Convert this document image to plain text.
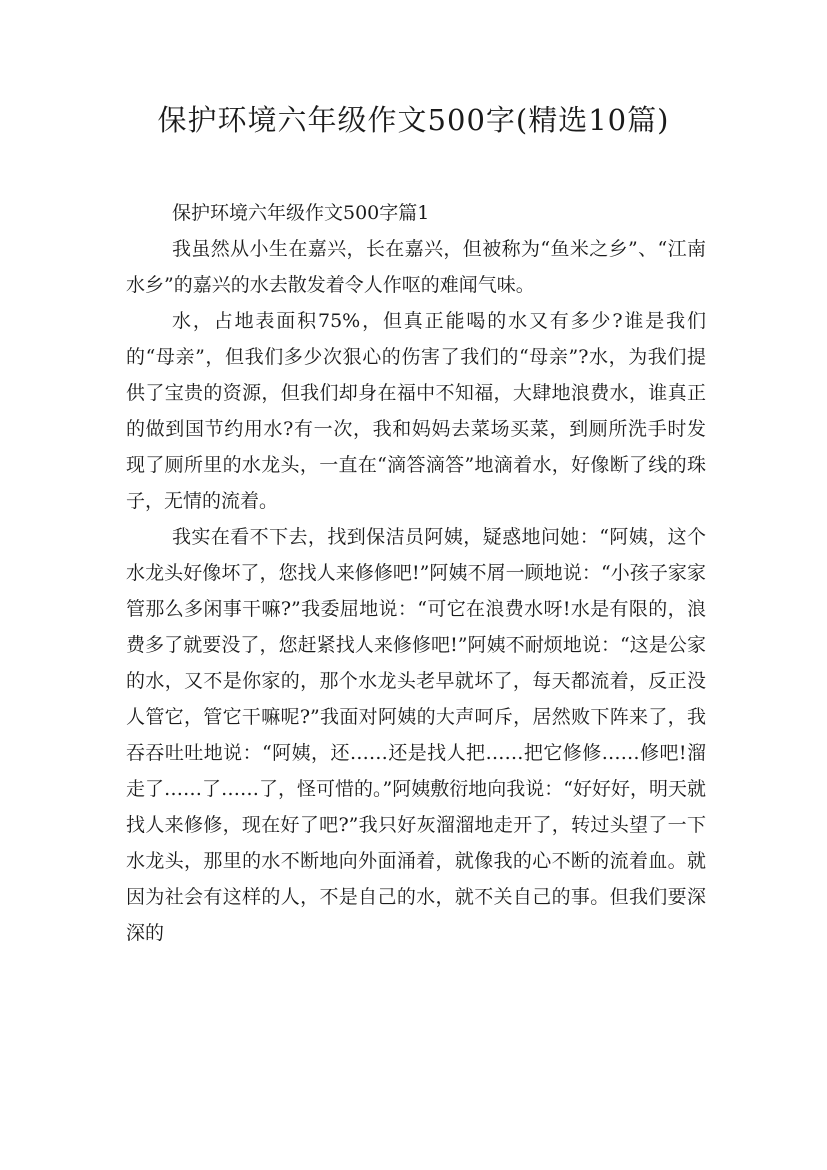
保护环境六年级作文500字(精选10篇)

保护环境六年级作文500字篇1

我虽然从小生在嘉兴，长在嘉兴，但被称为“鱼米之乡”、“江南水乡”的嘉兴的水去散发着令人作呕的难闻气味。

水，占地表面积75%，但真正能喝的水又有多少?谁是我们的“母亲”，但我们多少次狠心的伤害了我们的“母亲”?水，为我们提供了宝贵的资源，但我们却身在福中不知福，大肆地浪费水，谁真正的做到国节约用水?有一次，我和妈妈去菜场买菜，到厕所洗手时发现了厕所里的水龙头，一直在“滴答滴答”地滴着水，好像断了线的珠子，无情的流着。

我实在看不下去，找到保洁员阿姨，疑惑地问她：“阿姨，这个水龙头好像坏了，您找人来修修吧!”阿姨不屑一顾地说：“小孩子家家管那么多闲事干嘛?”我委屈地说：“可它在浪费水呀!水是有限的，浪费多了就要没了，您赶紧找人来修修吧!”阿姨不耐烦地说：“这是公家的水，又不是你家的，那个水龙头老早就坏了，每天都流着，反正没人管它，管它干嘛呢?”我面对阿姨的大声呵斥，居然败下阵来了，我吞吞吐吐地说：“阿姨，还……还是找人把……把它修修……修吧!溜走了……了……了，怪可惜的。”阿姨敷衍地向我说：“好好好，明天就找人来修修，现在好了吧?”我只好灰溜溜地走开了，转过头望了一下水龙头，那里的水不断地向外面涌着，就像我的心不断的流着血。就因为社会有这样的人，不是自己的水，就不关自己的事。但我们要深深的
